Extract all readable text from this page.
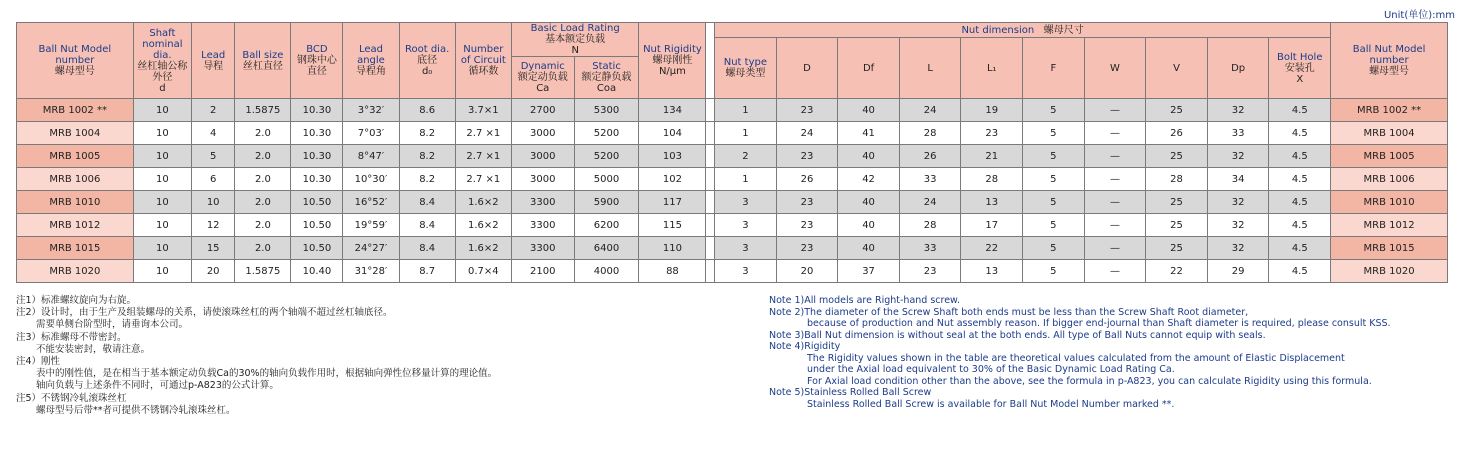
Unit(单位):mm
Ball Nut Model number
螺母型号	Shaft nominal dia.
丝杠轴公称外径
d	Lead
导程	Ball size
丝杠直径	BCD
钢珠中心直径	Lead angle
导程角	Root dia.
底径
d₀	Number of Circuit
循环数	Basic Load Rating
基本额定负载
N		Nut Rigidity
螺母刚性
N/μm		Nut dimension 螺母尺寸										Ball Nut Model number
螺母型号

												Nut type
螺母类型	D	Df	L	L₁	F	W	V	Dp	Bolt Hole
安装孔
X	

								Dynamic
额定动负载
Ca	Static
额定静负载
Coa													

MRB 1002 **	10	2	1.5875	10.30	3°32′	8.6	3.7×1	2700	5300	134		1	23	40	24	19	5	—	25	32	4.5	MRB 1002 **
MRB 1004	10	4	2.0	10.30	7°03′	8.2	2.7 ×1	3000	5200	104		1	24	41	28	23	5	—	26	33	4.5	MRB 1004
MRB 1005	10	5	2.0	10.30	8°47′	8.2	2.7 ×1	3000	5200	103		2	23	40	26	21	5	—	25	32	4.5	MRB 1005
MRB 1006	10	6	2.0	10.30	10°30′	8.2	2.7 ×1	3000	5000	102		1	26	42	33	28	5	—	28	34	4.5	MRB 1006
MRB 1010	10	10	2.0	10.50	16°52′	8.4	1.6×2	3300	5900	117		3	23	40	24	13	5	—	25	32	4.5	MRB 1010
MRB 1012	10	12	2.0	10.50	19°59′	8.4	1.6×2	3300	6200	115		3	23	40	28	17	5	—	25	32	4.5	MRB 1012
MRB 1015	10	15	2.0	10.50	24°27′	8.4	1.6×2	3300	6400	110		3	23	40	33	22	5	—	25	32	4.5	MRB 1015
MRB 1020	10	20	1.5875	10.40	31°28′	8.7	0.7×4	2100	4000	88		3	20	37	23	13	5	—	22	29	4.5	MRB 1020
注1）标准螺纹旋向为右旋。
注2）设计时，由于生产及组装螺母的关系，请使滚珠丝杠的两个轴端不超过丝杠轴底径。
需要单侧台阶型时，请垂询本公司。
注3）标准螺母不带密封。
不能安装密封，敬请注意。
注4）刚性
表中的刚性值，是在相当于基本额定动负载Ca的30%的轴向负载作用时，根据轴向弹性位移量计算的理论值。
轴向负载与上述条件不同时，可通过p-A823的公式计算。
注5）不锈钢冷轧滚珠丝杠
螺母型号后带**者可提供不锈钢冷轧滚珠丝杠。
Note 1)All models are Right-hand screw.
Note 2)The diameter of the Screw Shaft both ends must be less than the Screw Shaft Root diameter,
because of production and Nut assembly reason. If bigger end-journal than Shaft diameter is required, please consult KSS.
Note 3)Ball Nut dimension is without seal at the both ends. All type of Ball Nuts cannot equip with seals.
Note 4)Rigidity
The Rigidity values shown in the table are theoretical values calculated from the amount of Elastic Displacement
under the Axial load equivalent to 30% of the Basic Dynamic Load Rating Ca.
For Axial load condition other than the above, see the formula in p-A823, you can calculate Rigidity using this formula.
Note 5)Stainless Rolled Ball Screw
Stainless Rolled Ball Screw is available for Ball Nut Model Number marked **.
